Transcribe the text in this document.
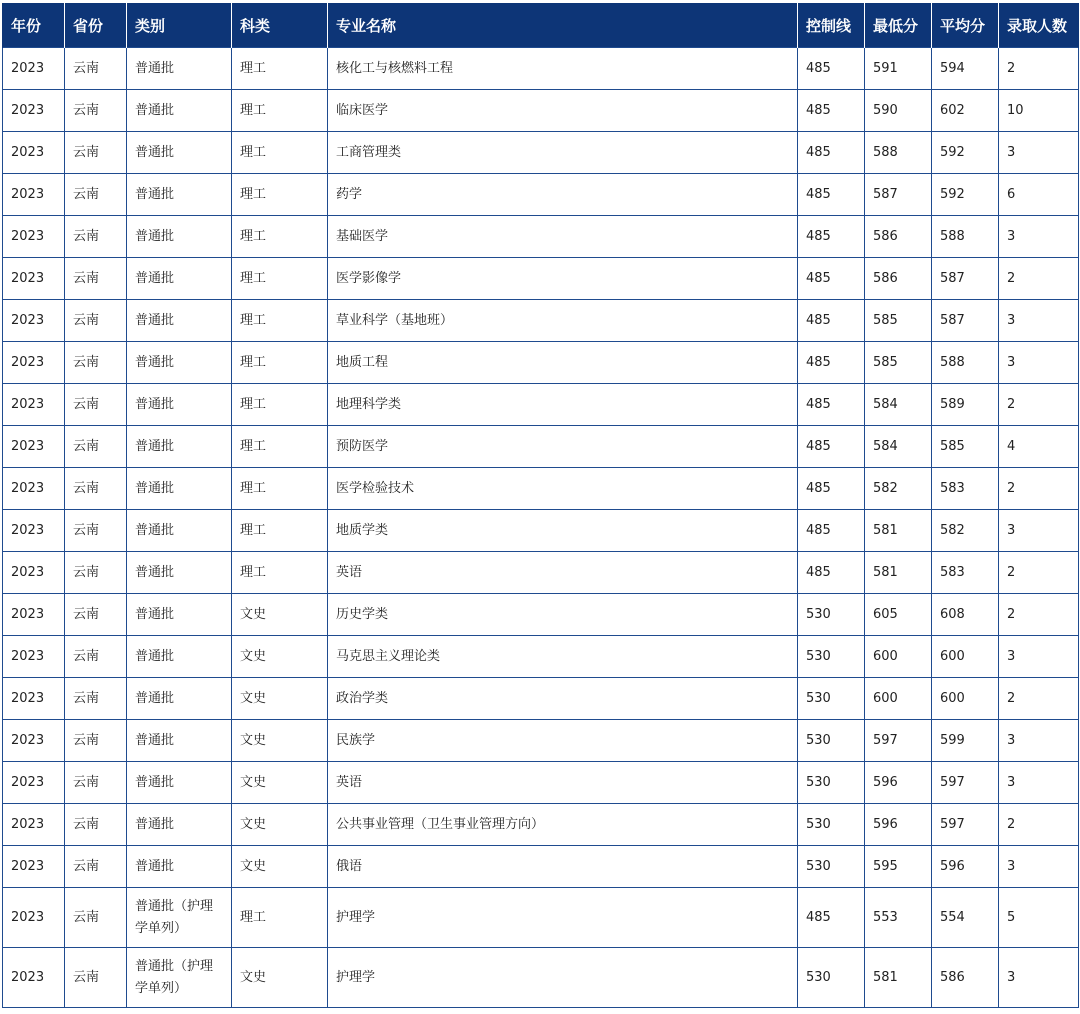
年份	省份	类别	科类	专业名称	控制线	最低分	平均分	录取人数
2023	云南	普通批	理工	核化工与核燃料工程	485	591	594	2
2023	云南	普通批	理工	临床医学	485	590	602	10
2023	云南	普通批	理工	工商管理类	485	588	592	3
2023	云南	普通批	理工	药学	485	587	592	6
2023	云南	普通批	理工	基础医学	485	586	588	3
2023	云南	普通批	理工	医学影像学	485	586	587	2
2023	云南	普通批	理工	草业科学（基地班）	485	585	587	3
2023	云南	普通批	理工	地质工程	485	585	588	3
2023	云南	普通批	理工	地理科学类	485	584	589	2
2023	云南	普通批	理工	预防医学	485	584	585	4
2023	云南	普通批	理工	医学检验技术	485	582	583	2
2023	云南	普通批	理工	地质学类	485	581	582	3
2023	云南	普通批	理工	英语	485	581	583	2
2023	云南	普通批	文史	历史学类	530	605	608	2
2023	云南	普通批	文史	马克思主义理论类	530	600	600	3
2023	云南	普通批	文史	政治学类	530	600	600	2
2023	云南	普通批	文史	民族学	530	597	599	3
2023	云南	普通批	文史	英语	530	596	597	3
2023	云南	普通批	文史	公共事业管理（卫生事业管理方向）	530	596	597	2
2023	云南	普通批	文史	俄语	530	595	596	3
2023	云南	普通批（护理学单列）	理工	护理学	485	553	554	5
2023	云南	普通批（护理学单列）	文史	护理学	530	581	586	3
